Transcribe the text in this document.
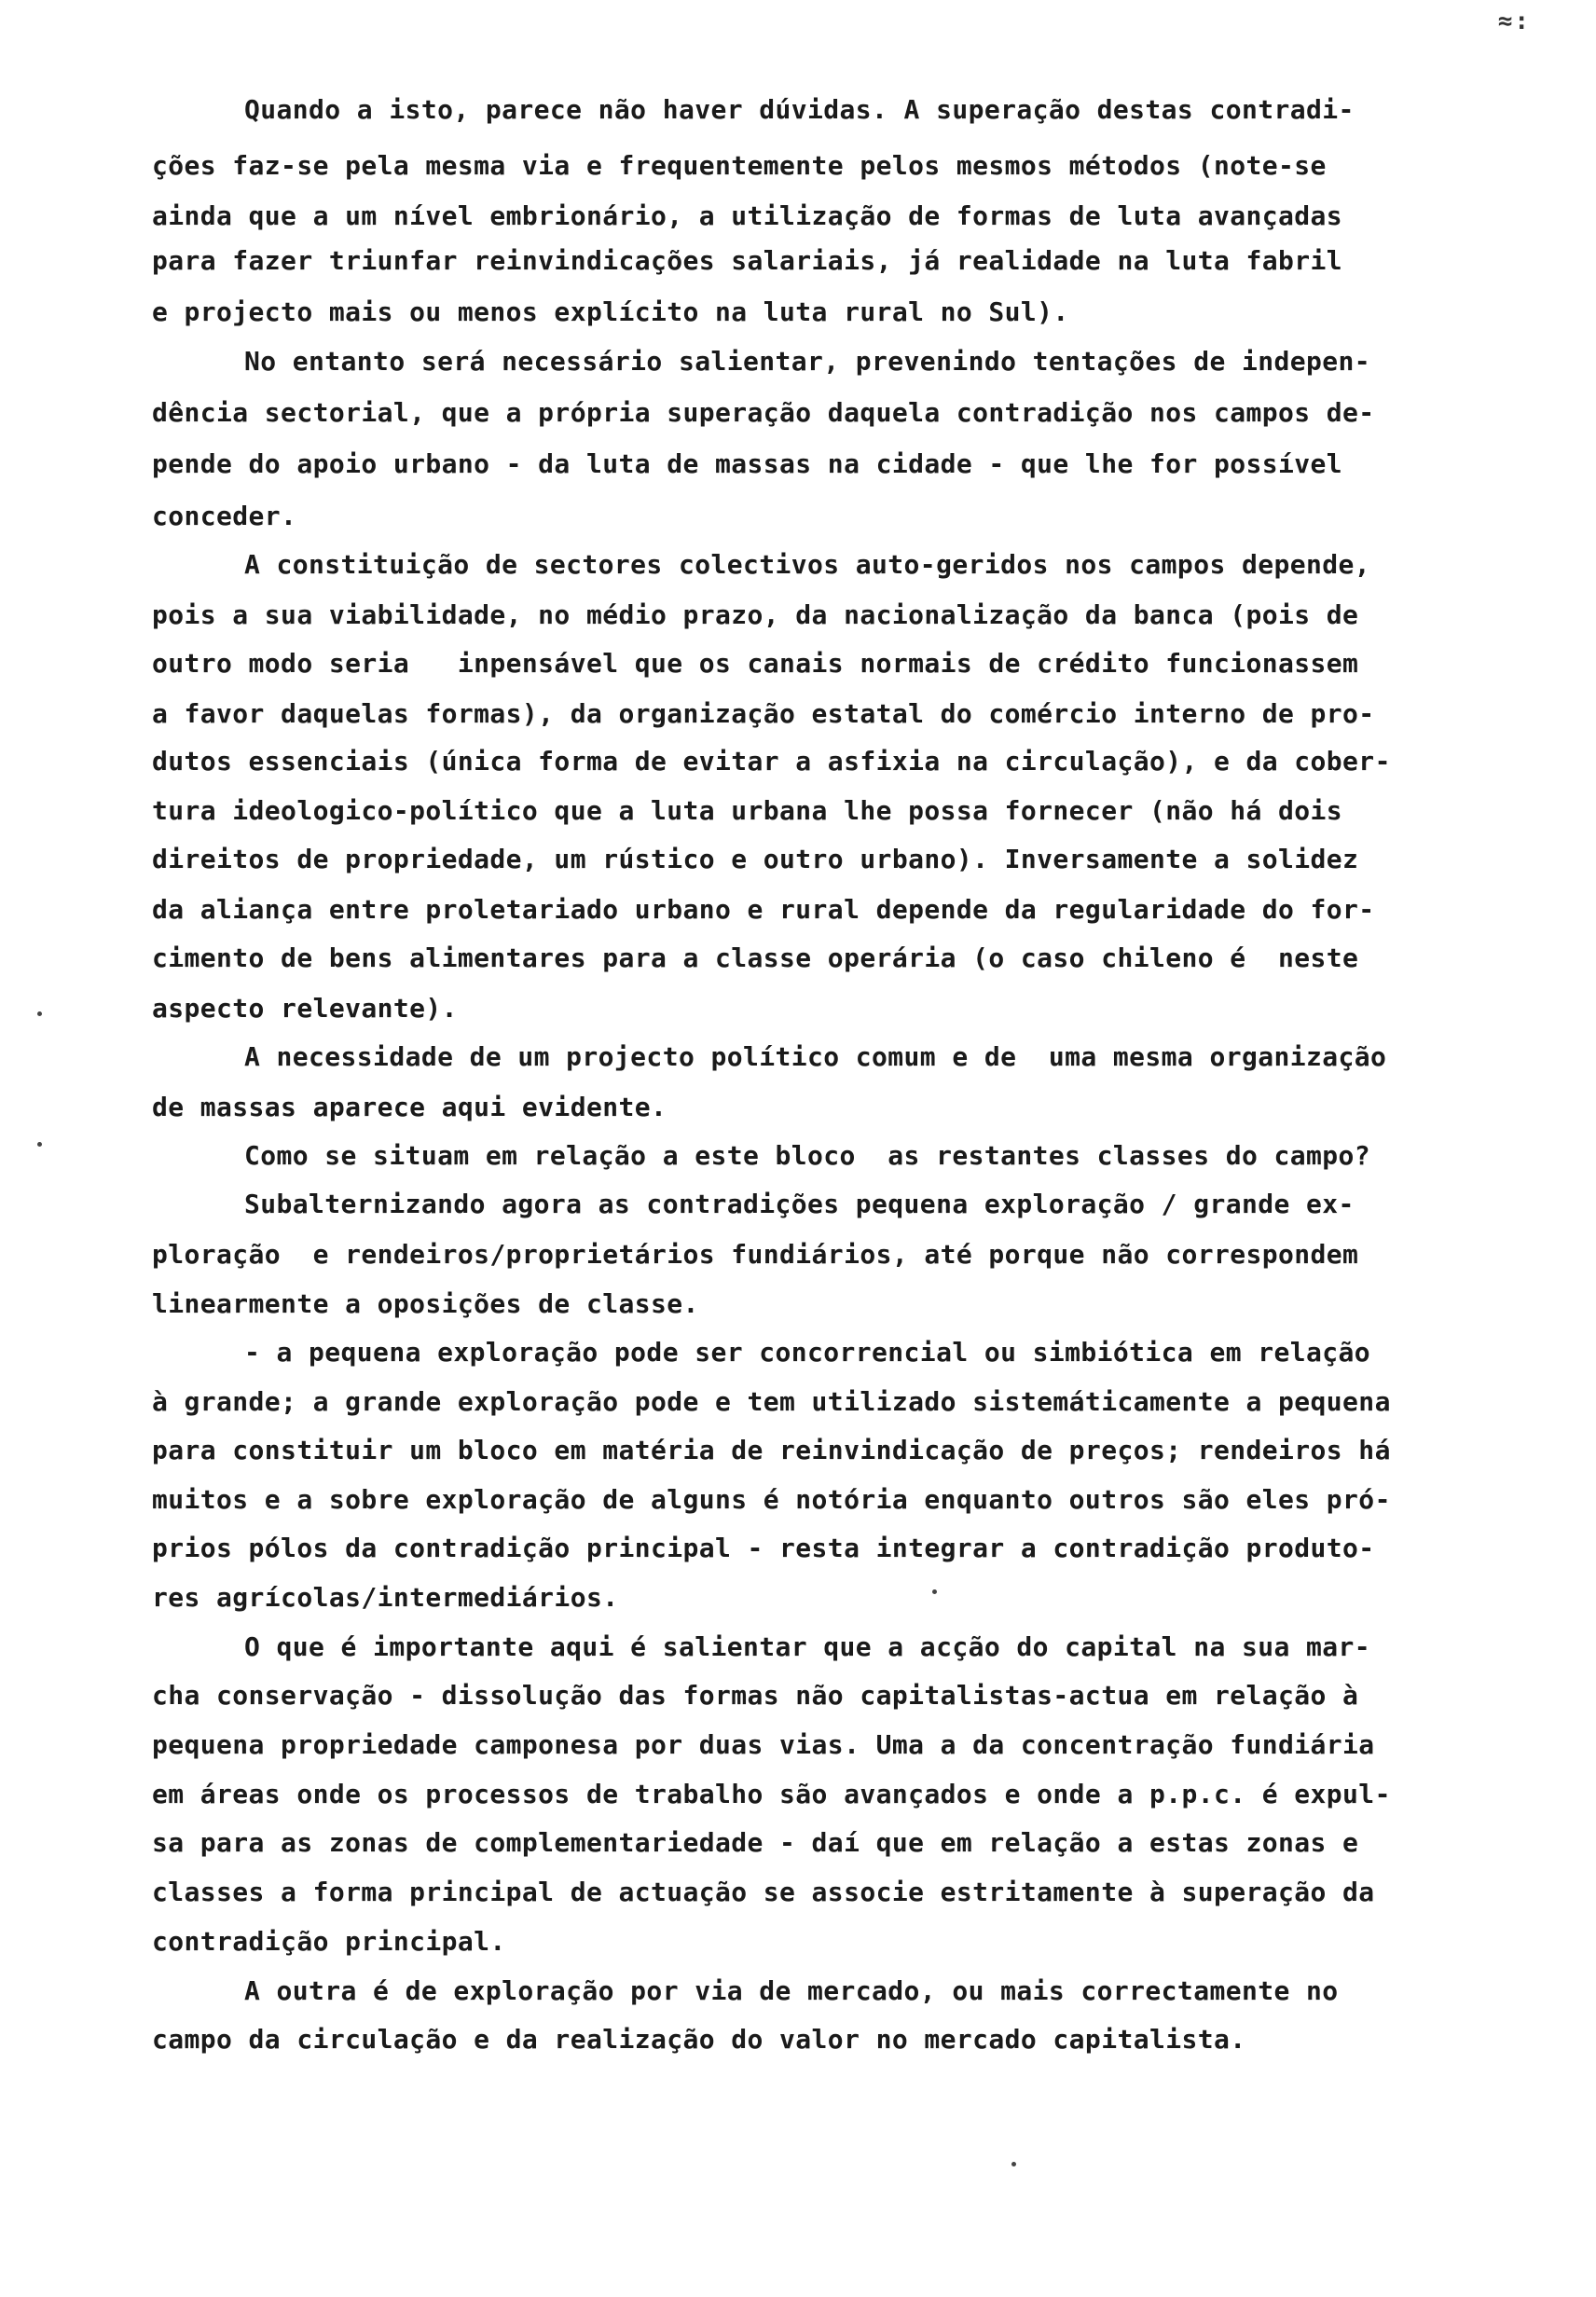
≈:
Quando a isto, parece não haver dúvidas. A superação destas contradi-
ções faz-se pela mesma via e frequentemente pelos mesmos métodos (note-se
ainda que a um nível embrionário, a utilização de formas de luta avançadas
para fazer triunfar reinvindicações salariais, já realidade na luta fabril
e projecto mais ou menos explícito na luta rural no Sul).
No entanto será necessário salientar, prevenindo tentações de indepen-
dência sectorial, que a própria superação daquela contradição nos campos de-
pende do apoio urbano - da luta de massas na cidade - que lhe for possível
conceder.
A constituição de sectores colectivos auto-geridos nos campos depende,
pois a sua viabilidade, no médio prazo, da nacionalização da banca (pois de
outro modo seria   inpensável que os canais normais de crédito funcionassem
a favor daquelas formas), da organização estatal do comércio interno de pro-
dutos essenciais (única forma de evitar a asfixia na circulação), e da cober-
tura ideologico-político que a luta urbana lhe possa fornecer (não há dois
direitos de propriedade, um rústico e outro urbano). Inversamente a solidez
da aliança entre proletariado urbano e rural depende da regularidade do for-
cimento de bens alimentares para a classe operária (o caso chileno é  neste
aspecto relevante).
A necessidade de um projecto político comum e de  uma mesma organização
de massas aparece aqui evidente.
Como se situam em relação a este bloco  as restantes classes do campo?
Subalternizando agora as contradições pequena exploração / grande ex-
ploração  e rendeiros/proprietários fundiários, até porque não correspondem
linearmente a oposições de classe.
- a pequena exploração pode ser concorrencial ou simbiótica em relação
à grande; a grande exploração pode e tem utilizado sistemáticamente a pequena
para constituir um bloco em matéria de reinvindicação de preços; rendeiros há
muitos e a sobre exploração de alguns é notória enquanto outros são eles pró-
prios pólos da contradição principal - resta integrar a contradição produto-
res agrícolas/intermediários.
O que é importante aqui é salientar que a acção do capital na sua mar-
cha conservação - dissolução das formas não capitalistas-actua em relação à
pequena propriedade camponesa por duas vias. Uma a da concentração fundiária
em áreas onde os processos de trabalho são avançados e onde a p.p.c. é expul-
sa para as zonas de complementariedade - daí que em relação a estas zonas e
classes a forma principal de actuação se associe estritamente à superação da
contradição principal.
A outra é de exploração por via de mercado, ou mais correctamente no
campo da circulação e da realização do valor no mercado capitalista.
